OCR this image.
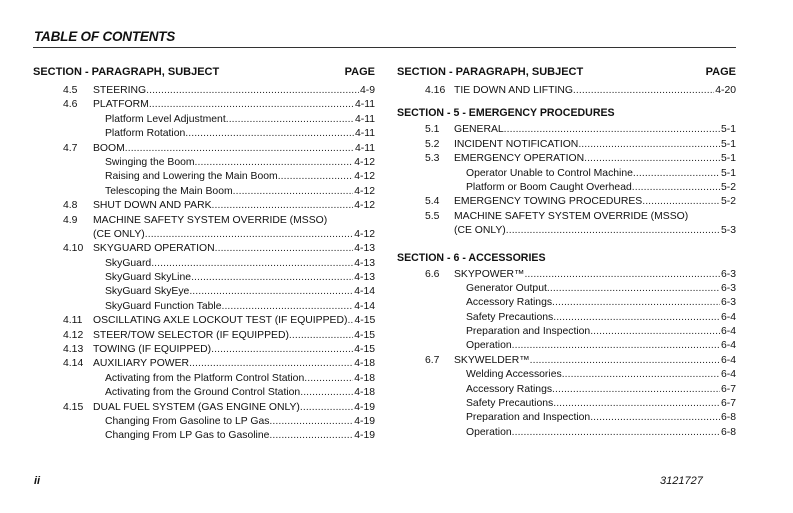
TABLE OF CONTENTS
SECTION - PARAGRAPH, SUBJECT	PAGE
4.5 STEERING . . .	4-9
4.6 PLATFORM . . .	4-11
Platform Level Adjustment . . .	4-11
Platform Rotation . . .	4-11
4.7 BOOM . . .	4-11
Swinging the Boom . . .	4-12
Raising and Lowering the Main Boom . . .	4-12
Telescoping the Main Boom . . .	4-12
4.8 SHUT DOWN AND PARK . . .	4-12
4.9 MACHINE SAFETY SYSTEM OVERRIDE (MSSO)
(CE ONLY) . . .	4-12
4.10 SKYGUARD OPERATION . . .	4-13
SkyGuard . . .	4-13
SkyGuard SkyLine . . .	4-13
SkyGuard SkyEye . . .	4-14
SkyGuard Function Table . . .	4-14
4.11 OSCILLATING AXLE LOCKOUT TEST (IF EQUIPPED) . . . 4-15
4.12 STEER/TOW SELECTOR (IF EQUIPPED) . . .	4-15
4.13 TOWING (IF EQUIPPED) . . .	4-15
4.14 AUXILIARY POWER . . .	4-18
Activating from the Platform Control Station . . .	4-18
Activating from the Ground Control Station . . .	4-18
4.15 DUAL FUEL SYSTEM (GAS ENGINE ONLY) . . .	4-19
Changing From Gasoline to LP Gas . . .	4-19
Changing From LP Gas to Gasoline . . .	4-19
SECTION - PARAGRAPH, SUBJECT	PAGE
4.16 TIE DOWN AND LIFTING . . .	4-20
SECTION - 5 - EMERGENCY PROCEDURES
5.1 GENERAL . . .	5-1
5.2 INCIDENT NOTIFICATION . . .	5-1
5.3 EMERGENCY OPERATION . . .	5-1
Operator Unable to Control Machine . . .	5-1
Platform or Boom Caught Overhead . . .	5-2
5.4 EMERGENCY TOWING PROCEDURES . . .	5-2
5.5 MACHINE SAFETY SYSTEM OVERRIDE (MSSO)
(CE ONLY) . . .	5-3
SECTION - 6 - ACCESSORIES
6.6 SKYPOWER™ . . .	6-3
Generator Output . . .	6-3
Accessory Ratings . . .	6-3
Safety Precautions . . .	6-4
Preparation and Inspection . . .	6-4
Operation . . .	6-4
6.7 SKYWELDER™ . . .	6-4
Welding Accessories . . .	6-4
Accessory Ratings . . .	6-7
Safety Precautions . . .	6-7
Preparation and Inspection . . .	6-8
Operation . . .	6-8
ii	3121727
